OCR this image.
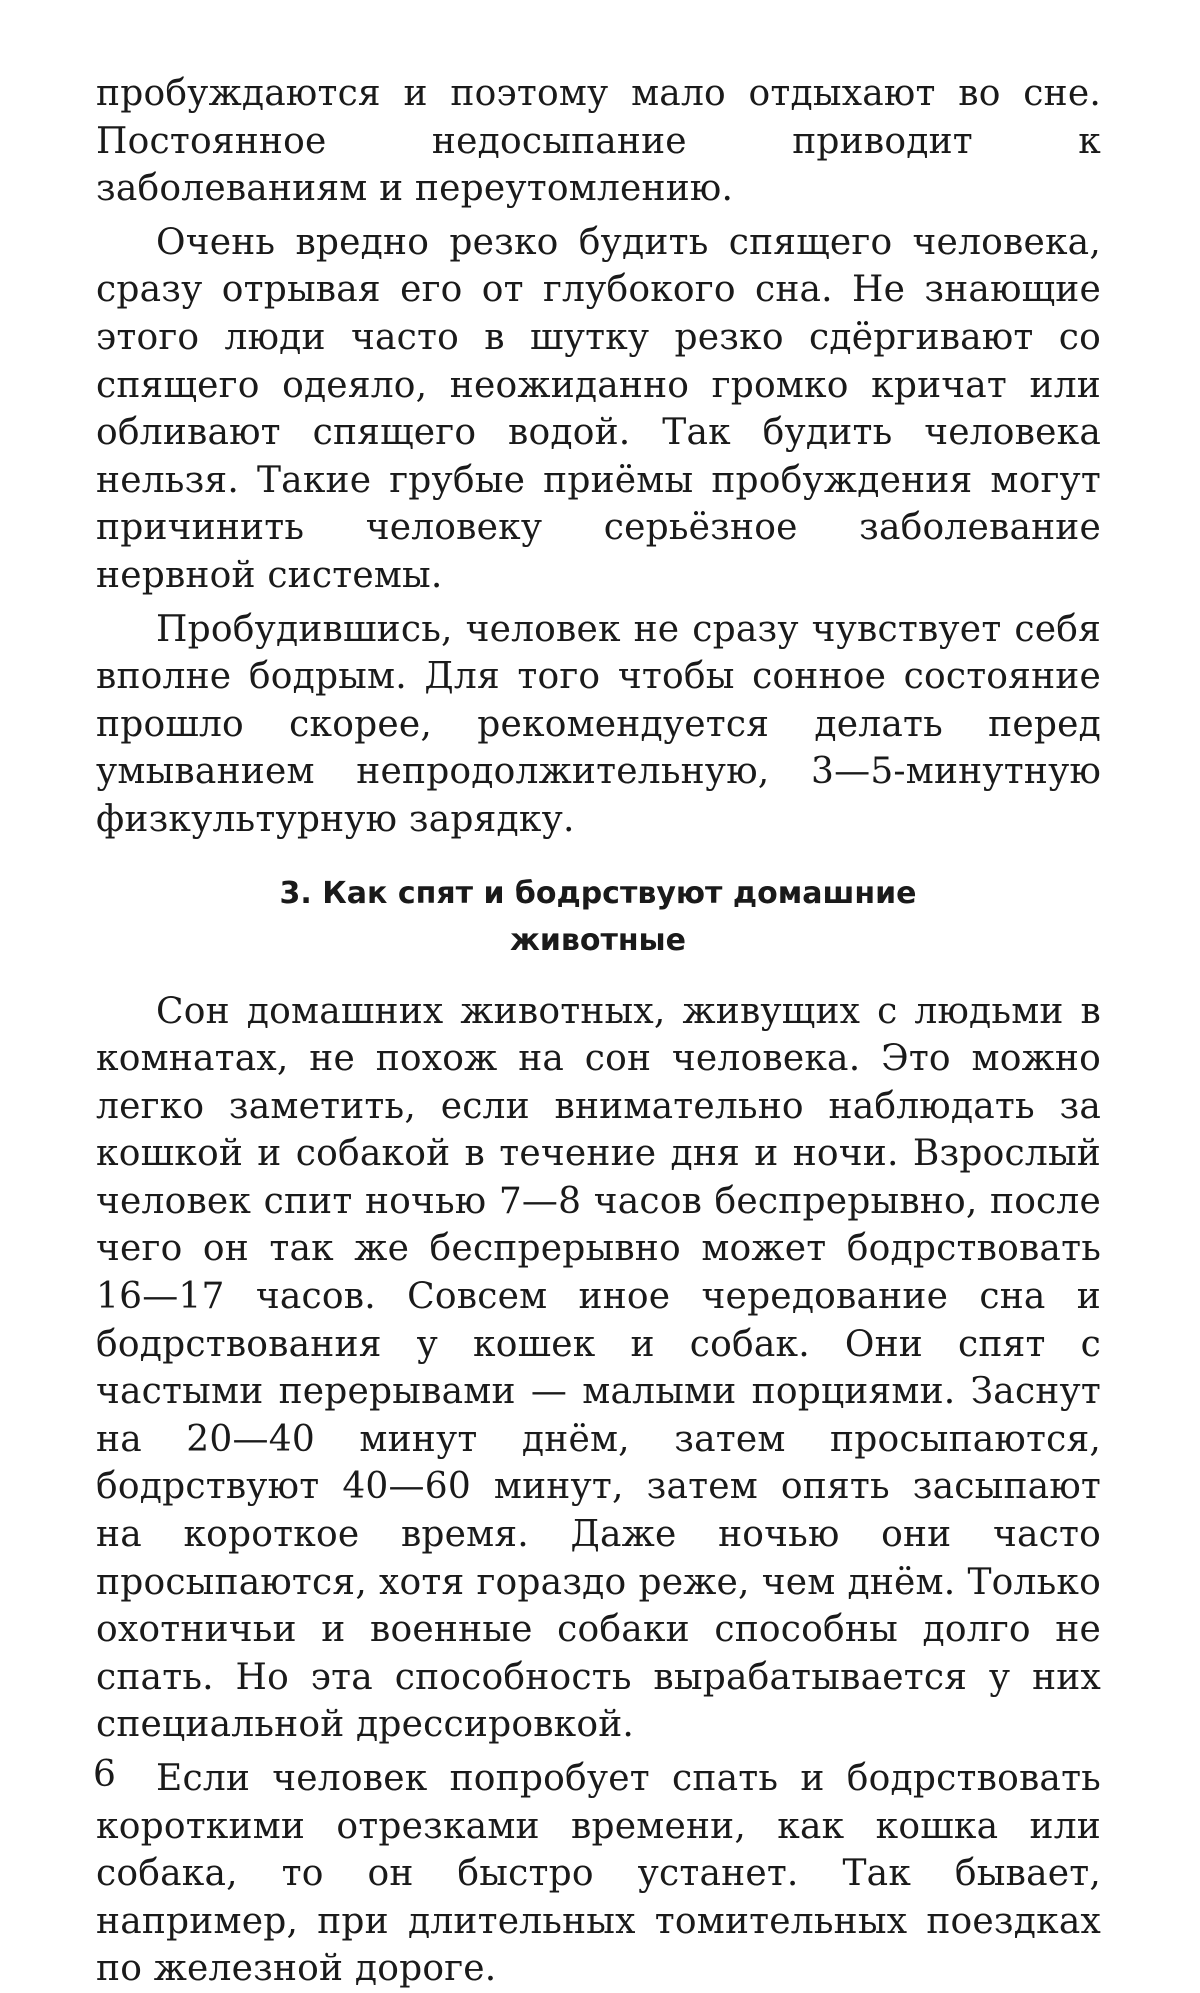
пробуждаются и поэтому мало отдыхают во сне. Постоянное недосыпание приводит к заболеваниям и переутомлению.

Очень вредно резко будить спящего человека, сразу отрывая его от глубокого сна. Не знающие этого люди часто в шутку резко сдёргивают со спящего одеяло, неожиданно громко кричат или обливают спящего водой. Так будить человека нельзя. Такие грубые приёмы пробуждения могут причинить человеку серьёзное заболевание нервной системы.

Пробудившись, человек не сразу чувствует себя вполне бодрым. Для того чтобы сонное состояние прошло скорее, рекомендуется делать перед умыванием непродолжительную, 3—5-минутную физкультурную зарядку.

3. Как спят и бодрствуют домашние
животные

Сон домашних животных, живущих с людьми в комнатах, не похож на сон человека. Это можно легко заметить, если внимательно наблюдать за кошкой и собакой в течение дня и ночи. Взрослый человек спит ночью 7—8 часов беспрерывно, после чего он так же беспрерывно может бодрствовать 16—17 часов. Совсем иное чередование сна и бодрствования у кошек и собак. Они спят с частыми перерывами — малыми порциями. Заснут на 20—40 минут днём, затем просыпаются, бодрствуют 40—60 минут, затем опять засыпают на короткое время. Даже ночью они часто просыпаются, хотя гораздо реже, чем днём. Только охотничьи и военные собаки способны долго не спать. Но эта способность вырабатывается у них специальной дрессировкой.

Если человек попробует спать и бодрствовать короткими отрезками времени, как кошка или собака, то он быстро устанет. Так бывает, например, при длительных томительных поездках по железной дороге.

6
